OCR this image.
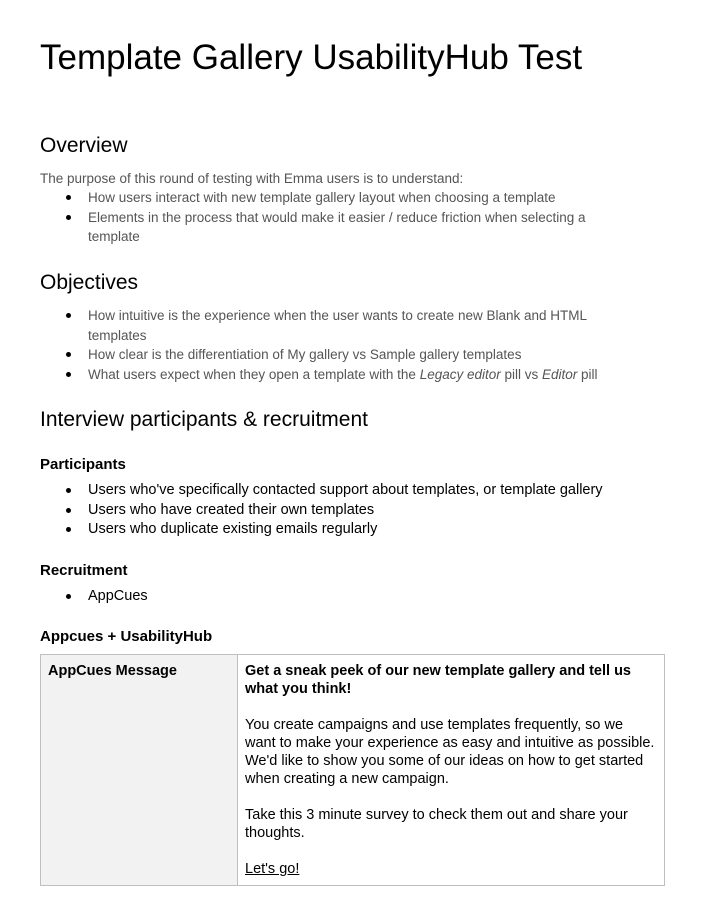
Template Gallery UsabilityHub Test
Overview

The purpose of this round of testing with Emma users is to understand:

How users interact with new template gallery layout when choosing a template
Elements in the process that would make it easier / reduce friction when selecting a template
Objectives
How intuitive is the experience when the user wants to create new Blank and HTML templates
How clear is the differentiation of My gallery vs Sample gallery templates
What users expect when they open a template with the Legacy editor pill vs Editor pill
Interview participants & recruitment
Participants
Users who've specifically contacted support about templates, or template gallery
Users who have created their own templates
Users who duplicate existing emails regularly
Recruitment
AppCues
Appcues + UsabilityHub
AppCues Message	Get a sneak peek of our new template gallery and tell us what you think!

You create campaigns and use templates frequently, so we want to make your experience as easy and intuitive as possible. We'd like to show you some of our ideas on how to get started when creating a new campaign.

Take this 3 minute survey to check them out and share your thoughts.

Let's go!
